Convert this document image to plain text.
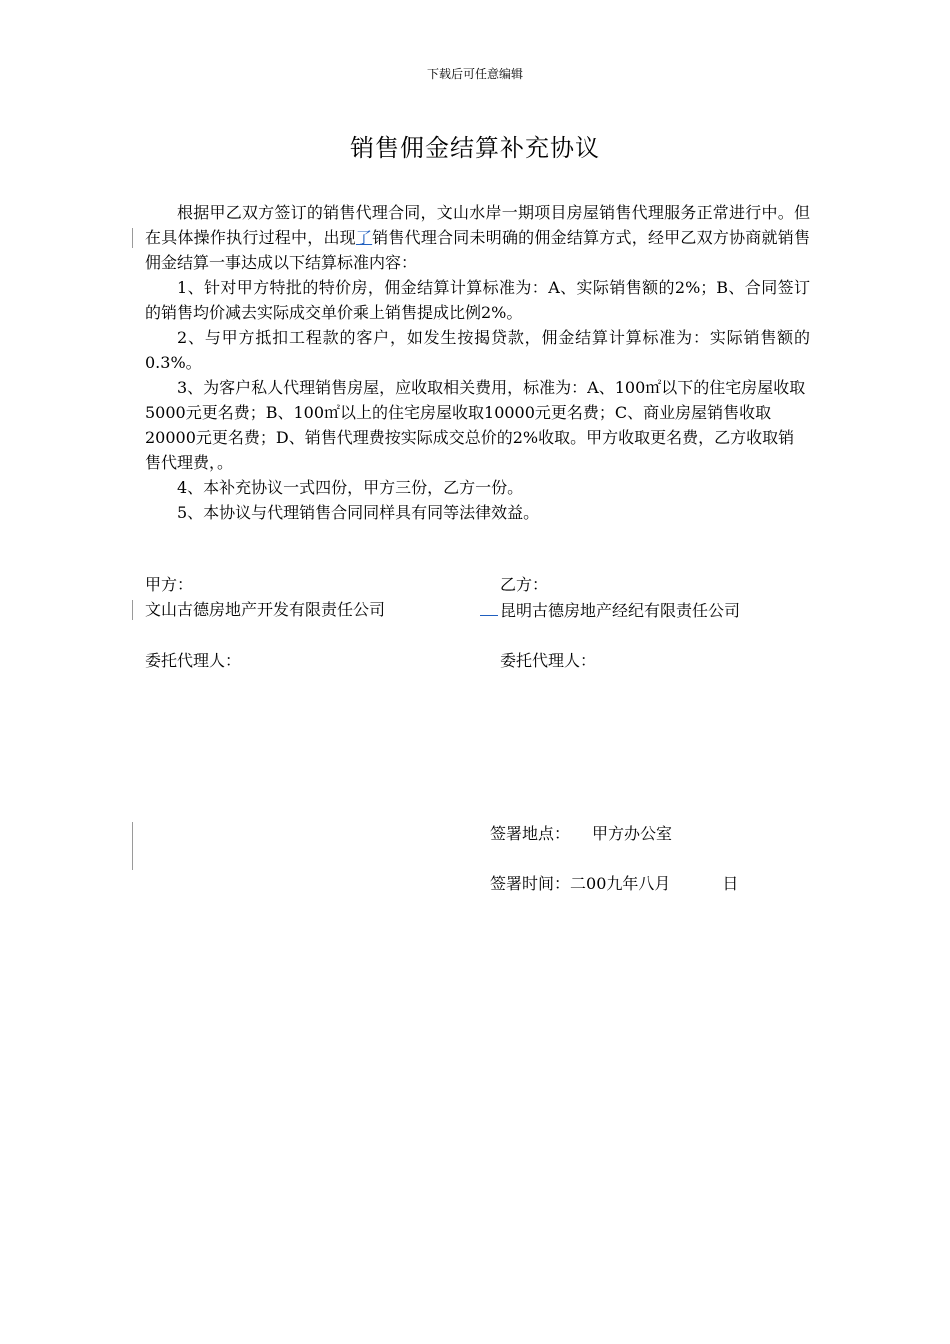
下载后可任意编辑
销售佣金结算补充协议

根据甲乙双方签订的销售代理合同，文山水岸一期项目房屋销售代理服务正常进行中。但在具体操作执行过程中，出现了销售代理合同未明确的佣金结算方式，经甲乙双方协商就销售佣金结算一事达成以下结算标准内容：

1、针对甲方特批的特价房，佣金结算计算标准为：A、实际销售额的2%；B、合同签订的销售均价减去实际成交单价乘上销售提成比例2%。

2、与甲方抵扣工程款的客户，如发生按揭贷款，佣金结算计算标准为：实际销售额的0.3%。

3、为客户私人代理销售房屋，应收取相关费用，标准为：A、100㎡以下的住宅房屋收取5000元更名费；B、100㎡以上的住宅房屋收取10000元更名费；C、商业房屋销售收取20000元更名费；D、销售代理费按实际成交总价的2%收取。甲方收取更名费，乙方收取销售代理费，。

4、本补充协议一式四份，甲方三份，乙方一份。

5、本协议与代理销售合同同样具有同等法律效益。

甲方：	乙方：
文山古德房地产开发有限责任公司	昆明古德房地产经纪有限责任公司
委托代理人：	委托代理人：
签署地点： 甲方办公室
签署时间：二00九年八月	日
